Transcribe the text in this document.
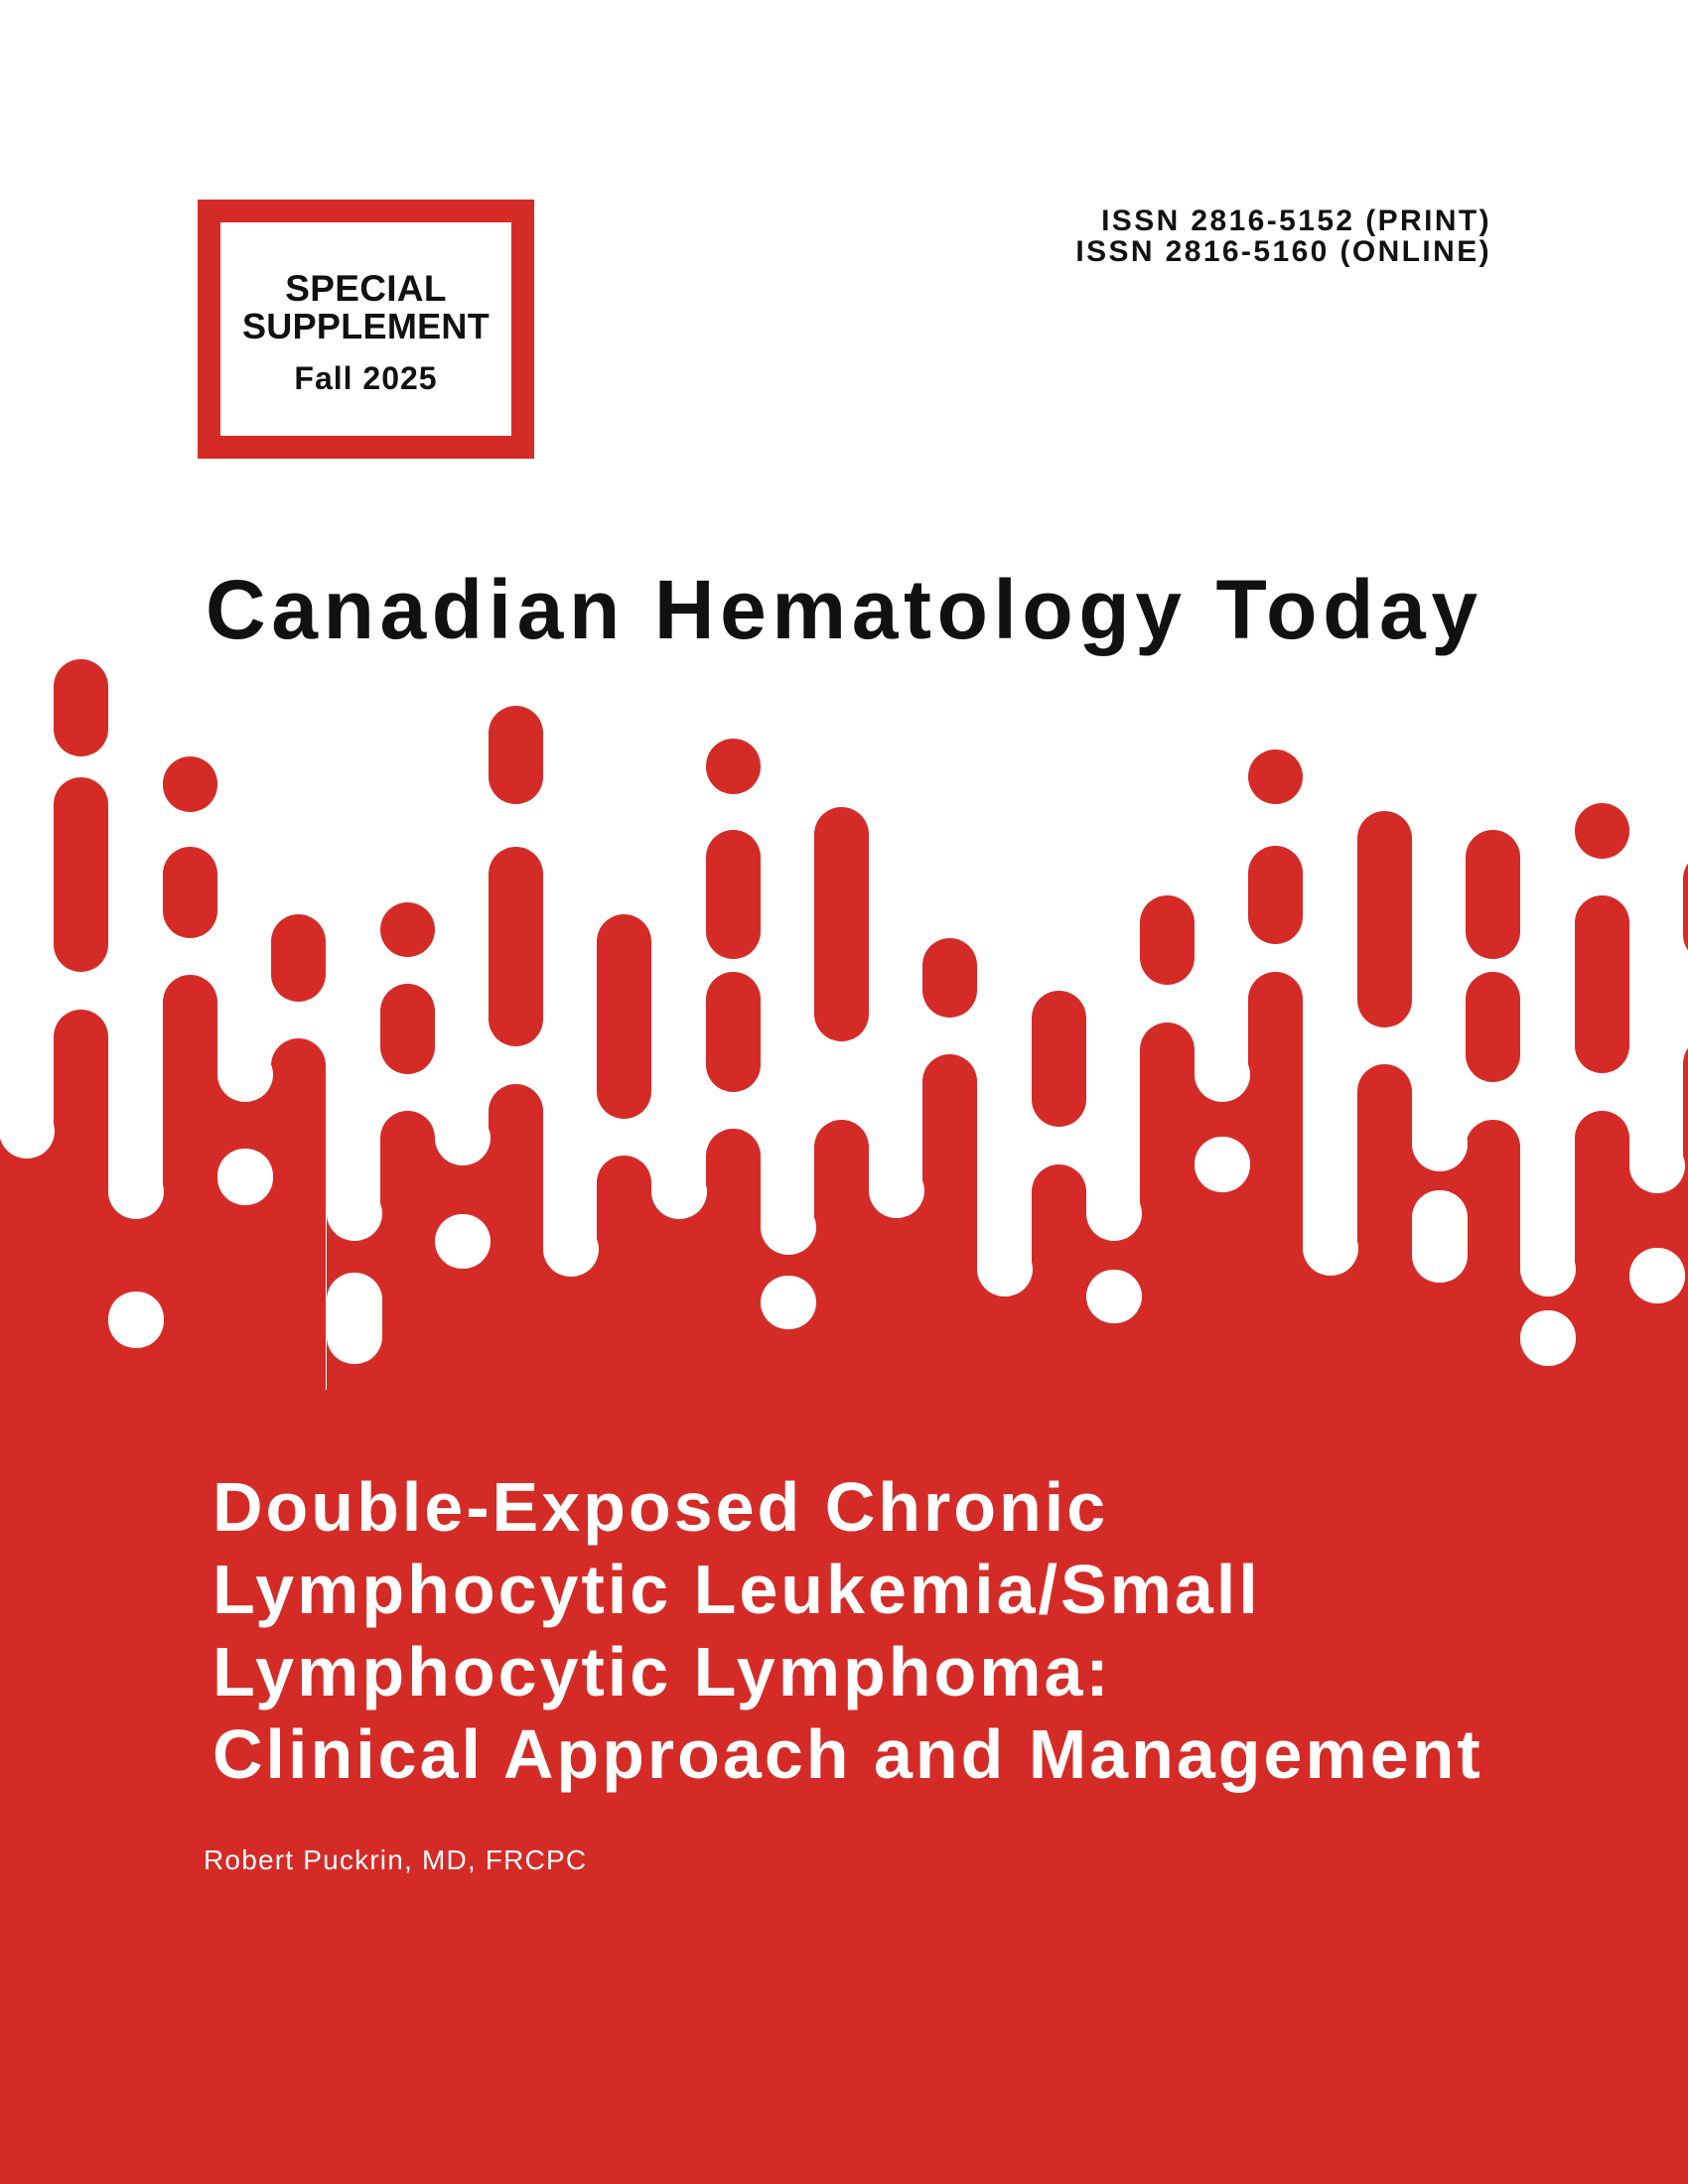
SPECIAL
SUPPLEMENT
Fall 2025
ISSN 2816-5152 (PRINT)
ISSN 2816-5160 (ONLINE)
Canadian Hematology Today
Double-Exposed Chronic
Lymphocytic Leukemia/Small
Lymphocytic Lymphoma:
Clinical Approach and Management
Robert Puckrin, MD, FRCPC
